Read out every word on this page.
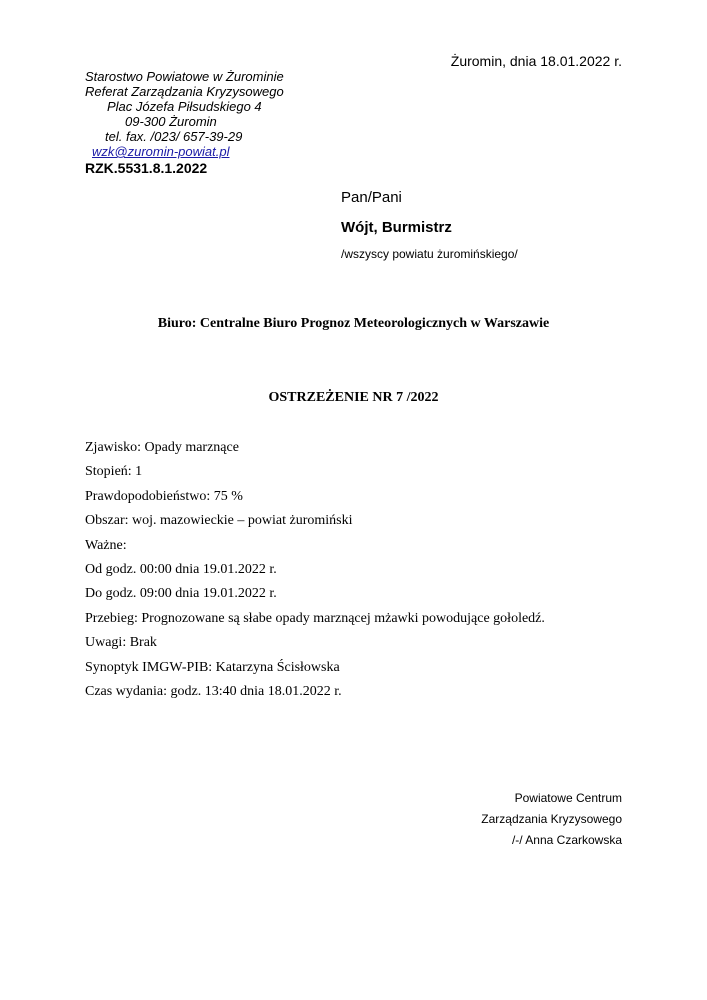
Żuromin, dnia 18.01.2022 r.
Starostwo Powiatowe w Żurominie
Referat Zarządzania Kryzysowego
Plac Józefa Piłsudskiego 4
09-300 Żuromin
tel. fax. /023/ 657-39-29
wzk@zuromin-powiat.pl
RZK.5531.8.1.2022
Pan/Pani
Wójt, Burmistrz
/wszyscy powiatu żuromińskiego/
Biuro: Centralne Biuro Prognoz Meteorologicznych w Warszawie
OSTRZEŻENIE NR 7 /2022
Zjawisko: Opady marznące
Stopień: 1
Prawdopodobieństwo: 75 %
Obszar: woj. mazowieckie – powiat żuromiński
Ważne:
Od godz. 00:00 dnia 19.01.2022 r.
Do godz. 09:00 dnia 19.01.2022 r.
Przebieg: Prognozowane są słabe opady marznącej mżawki powodujące gołoledź.
Uwagi: Brak
Synoptyk IMGW-PIB: Katarzyna Ścisłowska
Czas wydania: godz. 13:40 dnia 18.01.2022 r.
Powiatowe Centrum
Zarządzania Kryzysowego
/-/ Anna Czarkowska
